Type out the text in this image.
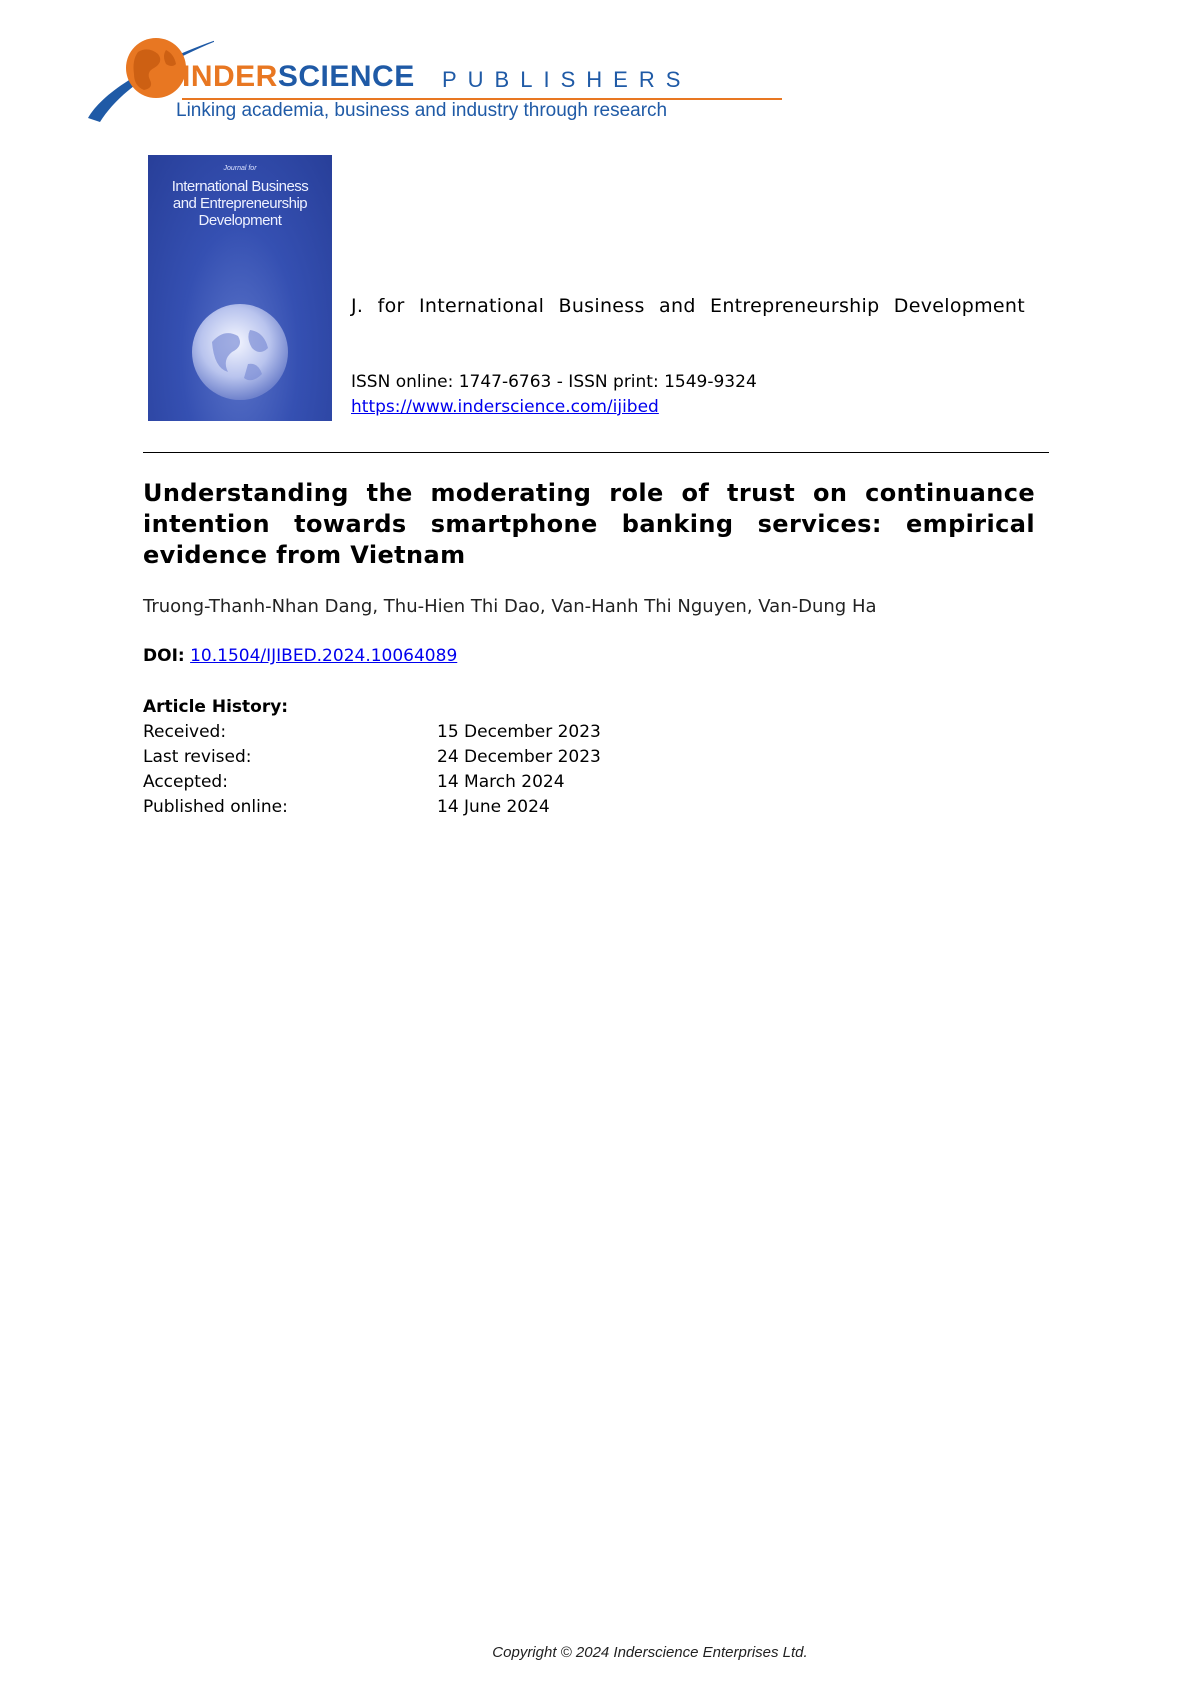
INDERSCIENCE PUBLISHERS
Linking academia, business and industry through research
Journal for
International Business
and Entrepreneurship
Development
J. for International Business and Entrepreneurship Development
ISSN online: 1747-6763 - ISSN print: 1549-9324
https://www.inderscience.com/ijibed
Understanding the moderating role of trust on continuance intention towards smartphone banking services: empirical evidence from Vietnam
Truong-Thanh-Nhan Dang, Thu-Hien Thi Dao, Van-Hanh Thi Nguyen, Van-Dung Ha
DOI: 10.1504/IJIBED.2024.10064089
Article History:
Received:	15 December 2023
Last revised:	24 December 2023
Accepted:	14 March 2024
Published online:	14 June 2024
Copyright © 2024 Inderscience Enterprises Ltd.
